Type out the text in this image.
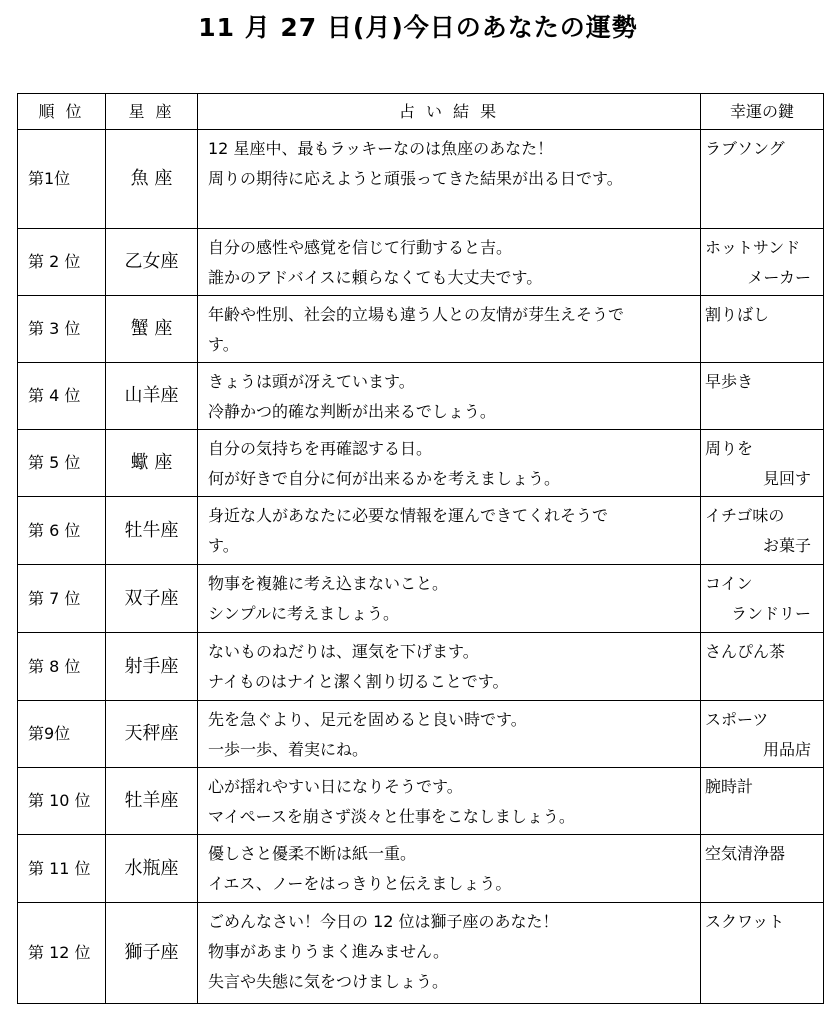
11 月 27 日(月)今日のあなたの運勢
順 位	星 座	占 い 結 果	幸運の鍵
第1位	魚 座	12 星座中、最もラッキーなのは魚座のあなた！
周りの期待に応えようと頑張ってきた結果が出る日です。	ラブソング

第 2 位	乙女座	自分の感性や感覚を信じて行動すると吉。
誰かのアドバイスに頼らなくても大丈夫です。	ホットサンド
メーカー

第 3 位	蟹 座	年齢や性別、社会的立場も違う人との友情が芽生えそうで
す。	割りばし

第 4 位	山羊座	きょうは頭が冴えています。
冷静かつ的確な判断が出来るでしょう。	早歩き

第 5 位	蠍 座	自分の気持ちを再確認する日。
何が好きで自分に何が出来るかを考えましょう。	周りを
見回す

第 6 位	牡牛座	身近な人があなたに必要な情報を運んできてくれそうで
す。	イチゴ味の
お菓子

第 7 位	双子座	物事を複雑に考え込まないこと。
シンプルに考えましょう。	コイン
ランドリー

第 8 位	射手座	ないものねだりは、運気を下げます。
ナイものはナイと潔く割り切ることです。	さんぴん茶

第9位	天秤座	先を急ぐより、足元を固めると良い時です。
一歩一歩、着実にね。	スポーツ
用品店

第 10 位	牡羊座	心が揺れやすい日になりそうです。
マイペースを崩さず淡々と仕事をこなしましょう。	腕時計

第 11 位	水瓶座	優しさと優柔不断は紙一重。
イエス、ノーをはっきりと伝えましょう。	空気清浄器

第 12 位	獅子座	ごめんなさい！今日の 12 位は獅子座のあなた！
物事があまりうまく進みません。
失言や失態に気をつけましょう。	スクワット
